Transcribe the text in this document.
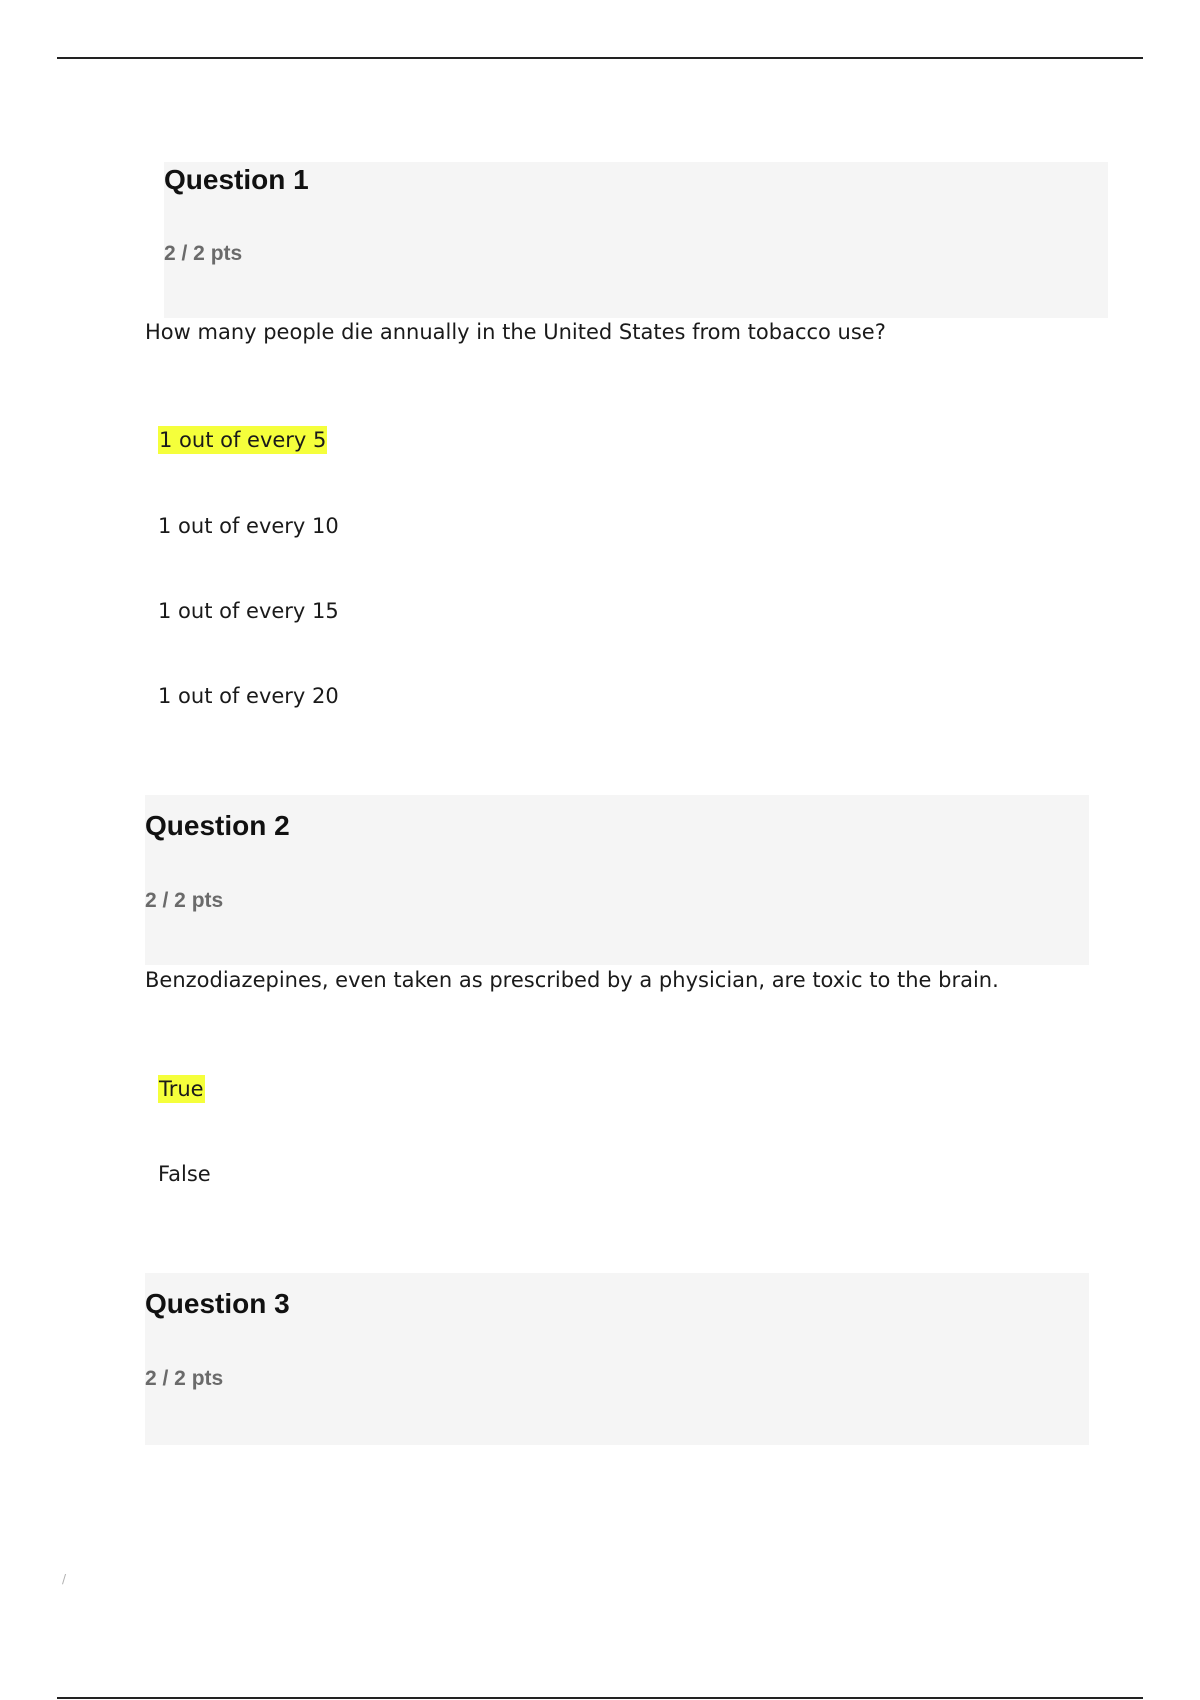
Question 1
2 / 2 pts
How many people die annually in the United States from tobacco use?
1 out of every 5
1 out of every 10
1 out of every 15
1 out of every 20
Question 2
2 / 2 pts
Benzodiazepines, even taken as prescribed by a physician, are toxic to the brain.
True
False
Question 3
2 / 2 pts
/
